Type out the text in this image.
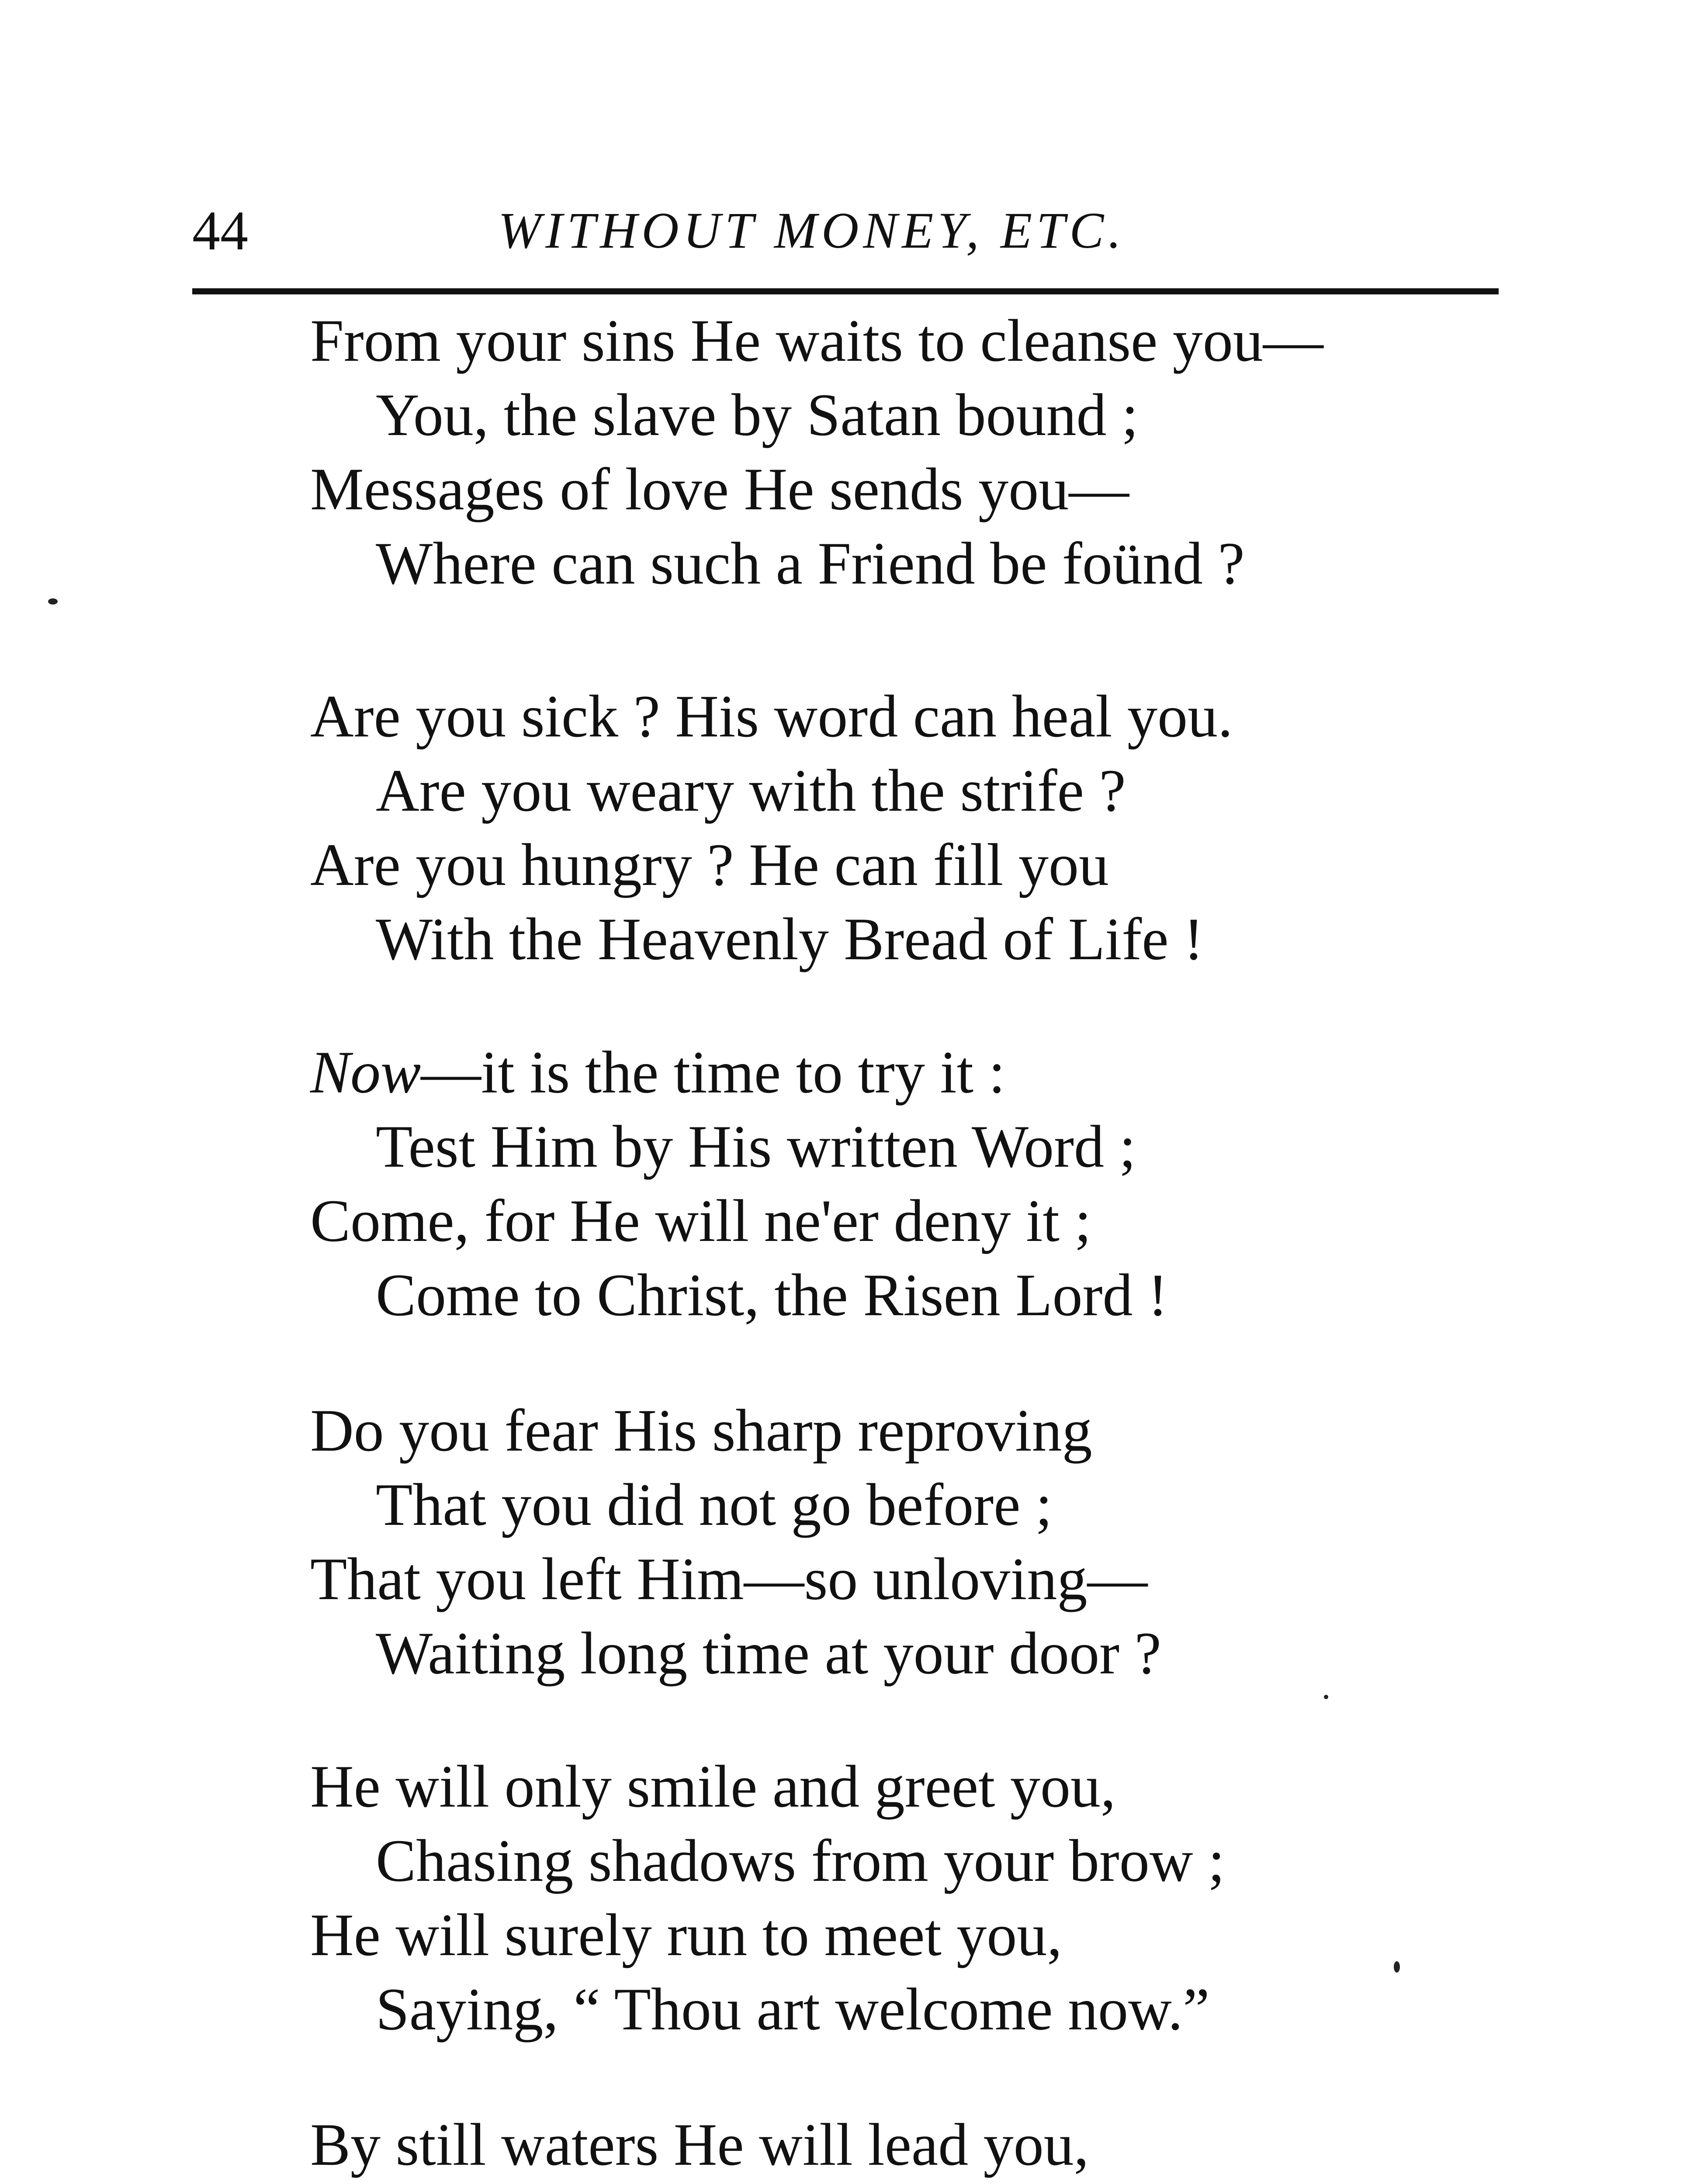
44	WITHOUT MONEY, ETC.
From your sins He waits to cleanse you—
You, the slave by Satan bound ;
Messages of love He sends you—
Where can such a Friend be foünd ?
Are you sick ? His word can heal you.
Are you weary with the strife ?
Are you hungry ? He can fill you
With the Heavenly Bread of Life !
Now—it is the time to try it :
Test Him by His written Word ;
Come, for He will ne'er deny it ;
Come to Christ, the Risen Lord !
Do you fear His sharp reproving
That you did not go before ;
That you left Him—so unloving—
Waiting long time at your door ?
He will only smile and greet you,
Chasing shadows from your brow ;
He will surely run to meet you,
Saying, “ Thou art welcome now.”
By still waters He will lead you,
